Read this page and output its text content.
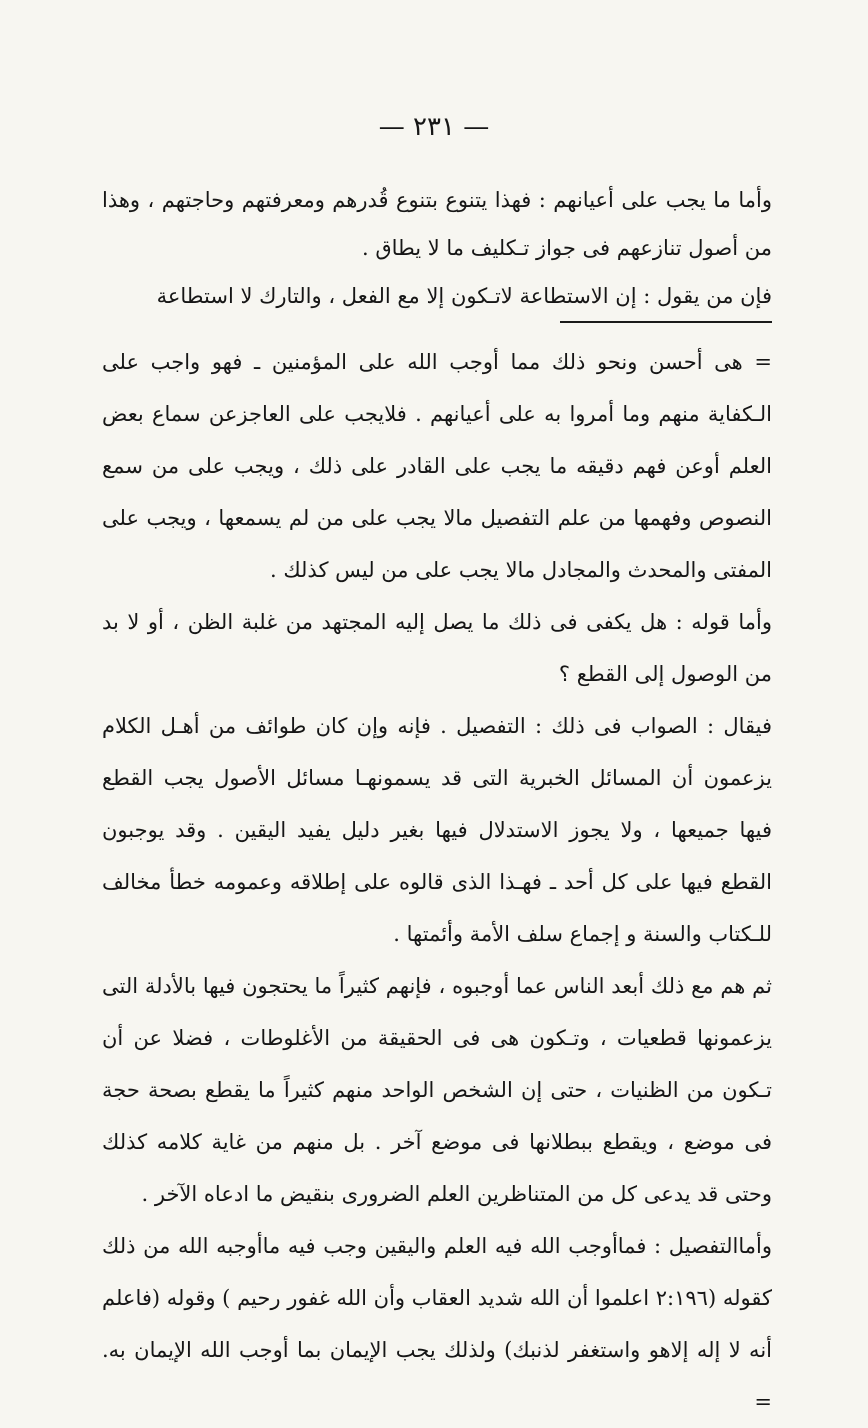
— ٢٣١ —

وأما ما يجب على أعيانهم : فهذا يتنوع بتنوع قُدرهم ومعرفتهم وحاجتهم ، وهذا من أصول تنازعهم فى جواز تـكليف ما لا يطاق .

فإن من يقول : إن الاستطاعة لاتـكون إلا مع الفعل ، والتارك لا استطاعة

= هى أحسن ونحو ذلك مما أوجب الله على المؤمنين ـ فهو واجب على الـكفاية منهم وما أمروا به على أعيانهم . فلايجب على العاجزعن سماع بعض العلم أوعن فهم دقيقه ما يجب على القادر على ذلك ، ويجب على من سمع النصوص وفهمها من علم التفصيل مالا يجب على من لم يسمعها ، ويجب على المفتى والمحدث والمجادل مالا يجب على من ليس كذلك .

وأما قوله : هل يكفى فى ذلك ما يصل إليه المجتهد من غلبة الظن ، أو لا بد من الوصول إلى القطع ؟

فيقال : الصواب فى ذلك : التفصيل . فإنه وإن كان طوائف من أهـل الكلام يزعمون أن المسائل الخبرية التى قد يسمونهـا مسائل الأصول يجب القطع فيها جميعها ، ولا يجوز الاستدلال فيها بغير دليل يفيد اليقين . وقد يوجبون القطع فيها على كل أحد ـ فهـذا الذى قالوه على إطلاقه وعمومه خطأ مخالف للـكتاب والسنة و إجماع سلف الأمة وأئمتها .

ثم هم مع ذلك أبعد الناس عما أوجبوه ، فإنهم كثيراً ما يحتجون فيها بالأدلة التى يزعمونها قطعيات ، وتـكون هى فى الحقيقة من الأغلوطات ، فضلا عن أن تـكون من الظنيات ، حتى إن الشخص الواحد منهم كثيراً ما يقطع بصحة حجة فى موضع ، ويقطع ببطلانها فى موضع آخر . بل منهم من غاية كلامه كذلك وحتى قد يدعى كل من المتناظرين العلم الضرورى بنقيض ما ادعاه الآخر .

وأماالتفصيل : فماأوجب الله فيه العلم واليقين وجب فيه ماأوجبه الله من ذلك كقوله (٢:١٩٦ اعلموا أن الله شديد العقاب وأن الله غفور رحيم ) وقوله (فاعلم أنه لا إله إلاهو واستغفر لذنبك) ولذلك يجب الإيمان بما أوجب الله الإيمان به. =
